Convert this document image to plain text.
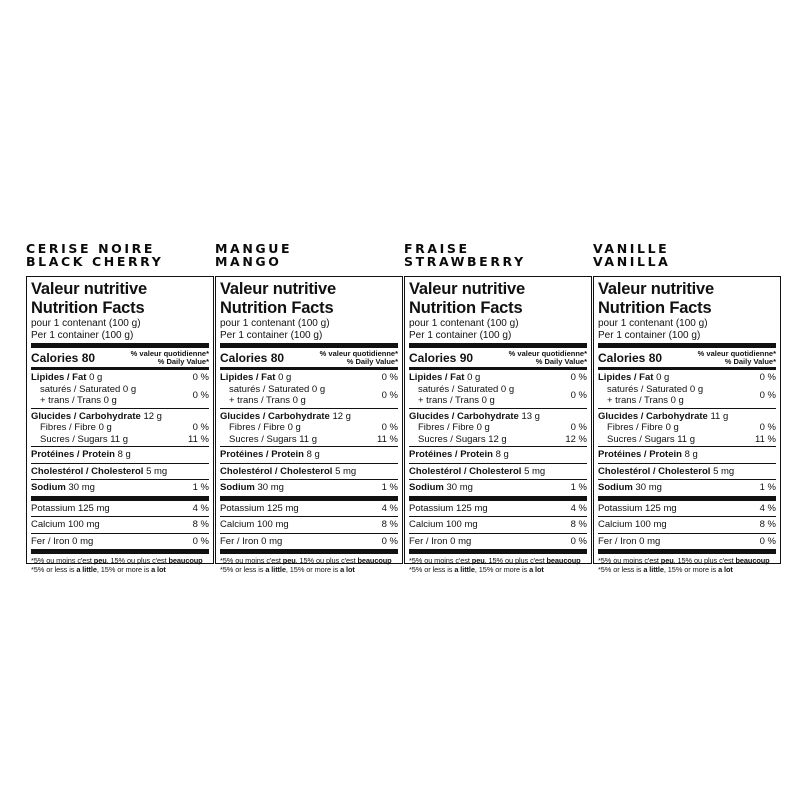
CERISE NOIRE
BLACK CHERRY
Valeur nutritive
Nutrition Facts
pour 1 contenant (100 g)
Per 1 container (100 g)
Calories 80	% valeur quotidienne*
% Daily Value*
Lipides / Fat 0 g	0 %
saturés / Saturated 0 g
+ trans / Trans 0 g	0 %
Glucides / Carbohydrate 12 g
Fibres / Fibre 0 g	0 %
Sucres / Sugars 11 g	11 %
Protéines / Protein 8 g
Cholestérol / Cholesterol 5 mg
Sodium 30 mg	1 %
Potassium 125 mg	4 %
Calcium 100 mg	8 %
Fer / Iron 0 mg	0 %
*5% ou moins c'est peu, 15% ou plus c'est beaucoup
*5% or less is a little, 15% or more is a lot
MANGUE
MANGO
Valeur nutritive
Nutrition Facts
pour 1 contenant (100 g)
Per 1 container (100 g)
Calories 80	% valeur quotidienne*
% Daily Value*
Lipides / Fat 0 g	0 %
saturés / Saturated 0 g
+ trans / Trans 0 g	0 %
Glucides / Carbohydrate 12 g
Fibres / Fibre 0 g	0 %
Sucres / Sugars 11 g	11 %
Protéines / Protein 8 g
Cholestérol / Cholesterol 5 mg
Sodium 30 mg	1 %
Potassium 125 mg	4 %
Calcium 100 mg	8 %
Fer / Iron 0 mg	0 %
*5% ou moins c'est peu, 15% ou plus c'est beaucoup
*5% or less is a little, 15% or more is a lot
FRAISE
STRAWBERRY
Valeur nutritive
Nutrition Facts
pour 1 contenant (100 g)
Per 1 container (100 g)
Calories 90	% valeur quotidienne*
% Daily Value*
Lipides / Fat 0 g	0 %
saturés / Saturated 0 g
+ trans / Trans 0 g	0 %
Glucides / Carbohydrate 13 g
Fibres / Fibre 0 g	0 %
Sucres / Sugars 12 g	12 %
Protéines / Protein 8 g
Cholestérol / Cholesterol 5 mg
Sodium 30 mg	1 %
Potassium 125 mg	4 %
Calcium 100 mg	8 %
Fer / Iron 0 mg	0 %
*5% ou moins c'est peu, 15% ou plus c'est beaucoup
*5% or less is a little, 15% or more is a lot
VANILLE
VANILLA
Valeur nutritive
Nutrition Facts
pour 1 contenant (100 g)
Per 1 container (100 g)
Calories 80	% valeur quotidienne*
% Daily Value*
Lipides / Fat 0 g	0 %
saturés / Saturated 0 g
+ trans / Trans 0 g	0 %
Glucides / Carbohydrate 11 g
Fibres / Fibre 0 g	0 %
Sucres / Sugars 11 g	11 %
Protéines / Protein 8 g
Cholestérol / Cholesterol 5 mg
Sodium 30 mg	1 %
Potassium 125 mg	4 %
Calcium 100 mg	8 %
Fer / Iron 0 mg	0 %
*5% ou moins c'est peu, 15% ou plus c'est beaucoup
*5% or less is a little, 15% or more is a lot
